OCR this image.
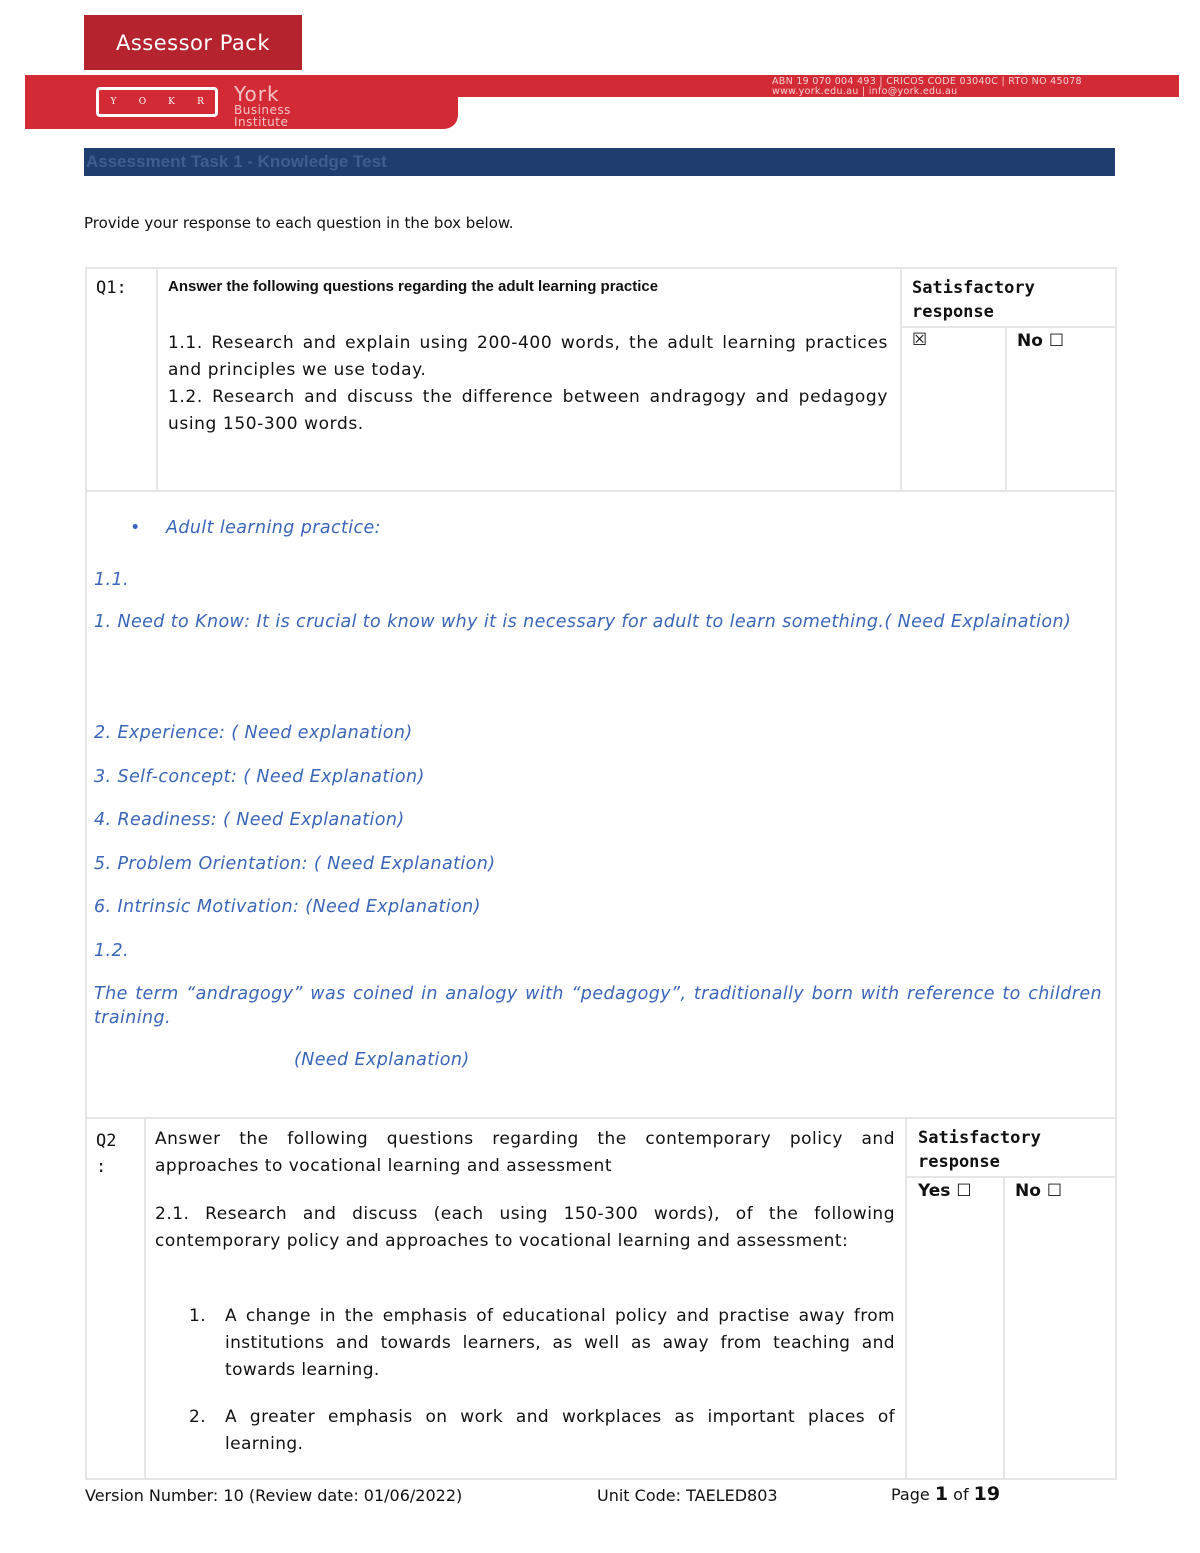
Assessor Pack
ABN 19 070 004 493 | CRICOS CODE 03040C | RTO NO 45078
www.york.edu.au | info@york.edu.au
Y	O	K	R	York
Business
Institute
Assessment Task 1 - Knowledge Test
Provide your response to each question in the box below.
Q1:	Answer the following questions regarding the adult learning practice
1.1. Research and explain using 200-400 words, the adult learning practices and principles we use today.
1.2. Research and discuss the difference between andragogy and pedagogy using 150-300 words.
Satisfactory response
☒	No ☐
• Adult learning practice:
1.1.
1. Need to Know: It is crucial to know why it is necessary for adult to learn something.( Need Explaination)
2. Experience: ( Need explanation)
3. Self-concept: ( Need Explanation)
4. Readiness: ( Need Explanation)
5. Problem Orientation: ( Need Explanation)
6. Intrinsic Motivation: (Need Explanation)
1.2.
The term “andragogy” was coined in analogy with “pedagogy”, traditionally born with reference to children training.
(Need Explanation)
Q2
:
Answer the following questions regarding the contemporary policy and approaches to vocational learning and assessment
2.1. Research and discuss (each using 150-300 words), of the following contemporary policy and approaches to vocational learning and assessment:
1. A change in the emphasis of educational policy and practise away from institutions and towards learners, as well as away from teaching and towards learning.
2. A greater emphasis on work and workplaces as important places of learning.
Satisfactory response
Yes ☐	No ☐
Version Number: 10 (Review date: 01/06/2022)	Unit Code: TAELED803	Page 1 of 19
